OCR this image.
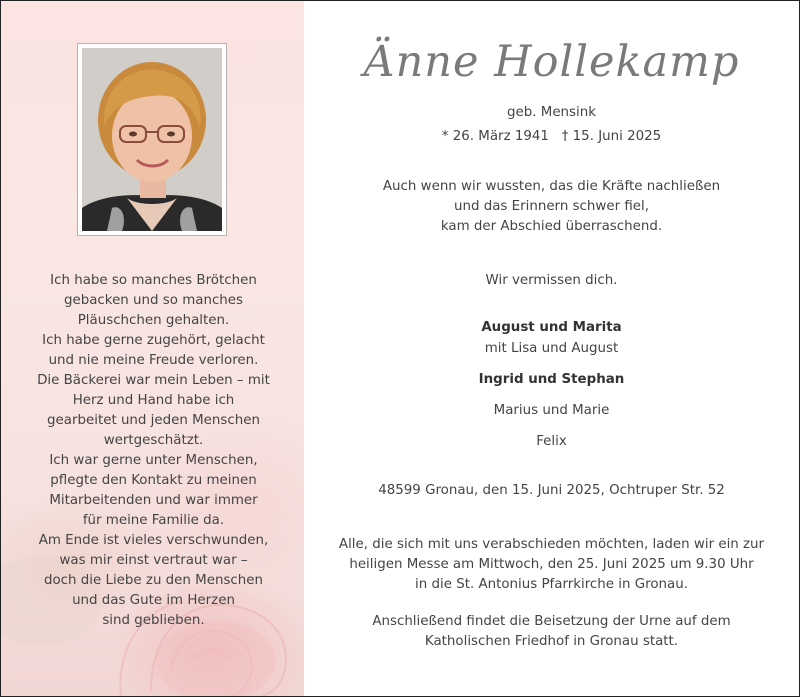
Ich habe so manches Brötchen
gebacken und so manches
Pläuschchen gehalten.
Ich habe gerne zugehört, gelacht
und nie meine Freude verloren.
Die Bäckerei war mein Leben – mit
Herz und Hand habe ich
gearbeitet und jeden Menschen
wertgeschätzt.
Ich war gerne unter Menschen,
pflegte den Kontakt zu meinen
Mitarbeitenden und war immer
für meine Familie da.
Am Ende ist vieles verschwunden,
was mir einst vertraut war –
doch die Liebe zu den Menschen
und das Gute im Herzen
sind geblieben.
Änne Hollekamp
geb. Mensink
* 26. März 1941   † 15. Juni 2025
Auch wenn wir wussten, das die Kräfte nachließen
und das Erinnern schwer fiel,
kam der Abschied überraschend.
Wir vermissen dich.
August und Marita
mit Lisa und August
Ingrid und Stephan
Marius und Marie
Felix
48599 Gronau, den 15. Juni 2025, Ochtruper Str. 52
Alle, die sich mit uns verabschieden möchten, laden wir ein zur
heiligen Messe am Mittwoch, den 25. Juni 2025 um 9.30 Uhr
in die St. Antonius Pfarrkirche in Gronau.
Anschließend findet die Beisetzung der Urne auf dem
Katholischen Friedhof in Gronau statt.
